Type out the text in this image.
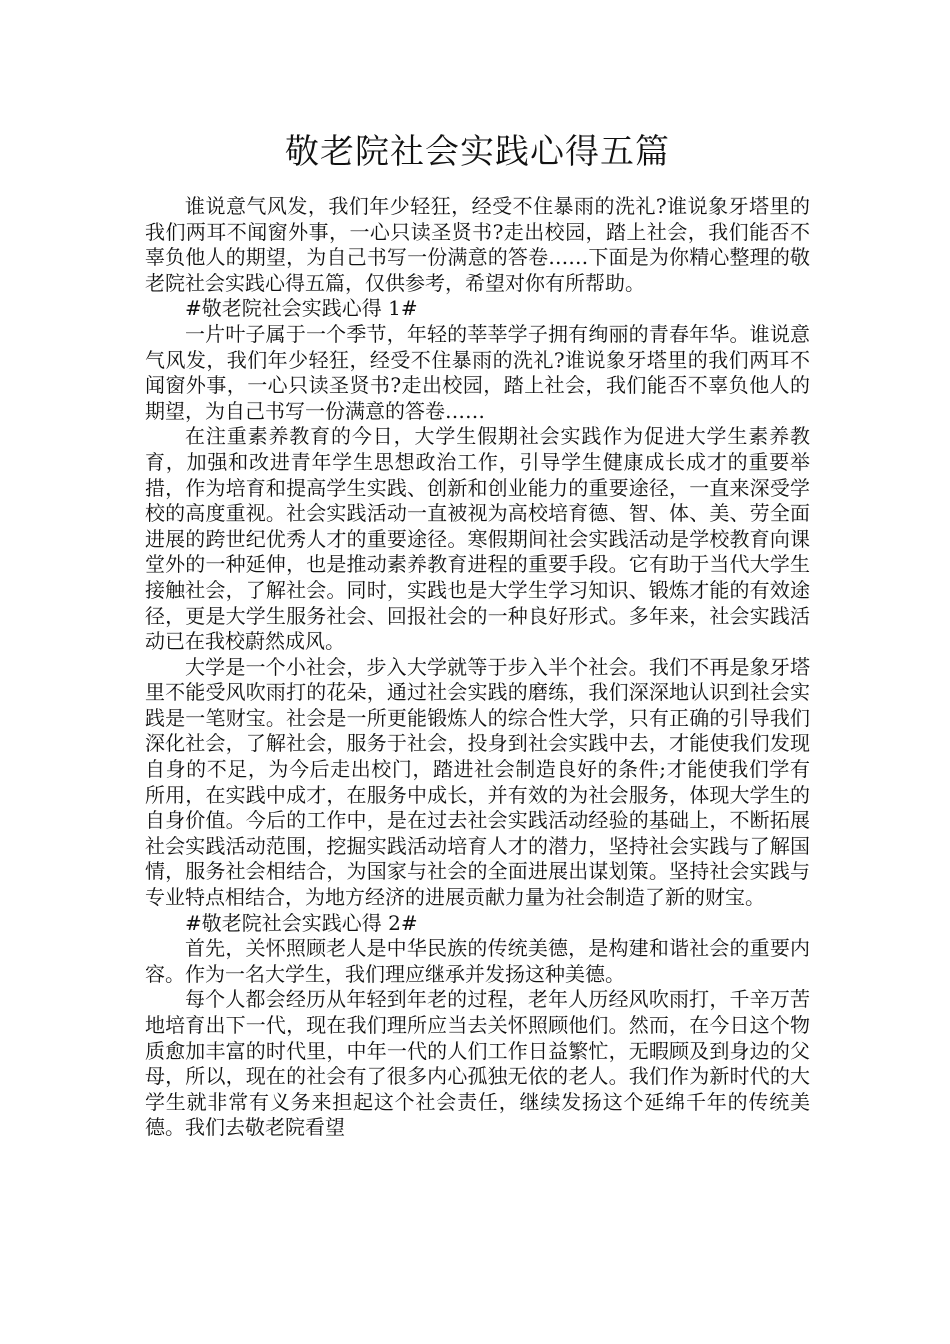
敬老院社会实践心得五篇

谁说意气风发，我们年少轻狂，经受不住暴雨的洗礼?谁说象牙塔里的我们两耳不闻窗外事，一心只读圣贤书?走出校园，踏上社会，我们能否不辜负他人的期望，为自己书写一份满意的答卷……下面是为你精心整理的敬老院社会实践心得五篇，仅供参考，希望对你有所帮助。

#敬老院社会实践心得 1#

一片叶子属于一个季节，年轻的莘莘学子拥有绚丽的青春年华。谁说意气风发，我们年少轻狂，经受不住暴雨的洗礼?谁说象牙塔里的我们两耳不闻窗外事，一心只读圣贤书?走出校园，踏上社会，我们能否不辜负他人的期望，为自己书写一份满意的答卷……

在注重素养教育的今日，大学生假期社会实践作为促进大学生素养教育，加强和改进青年学生思想政治工作，引导学生健康成长成才的重要举措，作为培育和提高学生实践、创新和创业能力的重要途径，一直来深受学校的高度重视。社会实践活动一直被视为高校培育德、智、体、美、劳全面进展的跨世纪优秀人才的重要途径。寒假期间社会实践活动是学校教育向课堂外的一种延伸，也是推动素养教育进程的重要手段。它有助于当代大学生接触社会，了解社会。同时，实践也是大学生学习知识、锻炼才能的有效途径，更是大学生服务社会、回报社会的一种良好形式。多年来，社会实践活动已在我校蔚然成风。

大学是一个小社会，步入大学就等于步入半个社会。我们不再是象牙塔里不能受风吹雨打的花朵，通过社会实践的磨练，我们深深地认识到社会实践是一笔财宝。社会是一所更能锻炼人的综合性大学，只有正确的引导我们深化社会，了解社会，服务于社会，投身到社会实践中去，才能使我们发现自身的不足，为今后走出校门，踏进社会制造良好的条件;才能使我们学有所用，在实践中成才，在服务中成长，并有效的为社会服务，体现大学生的自身价值。今后的工作中，是在过去社会实践活动经验的基础上，不断拓展社会实践活动范围，挖掘实践活动培育人才的潜力，坚持社会实践与了解国情，服务社会相结合，为国家与社会的全面进展出谋划策。坚持社会实践与专业特点相结合，为地方经济的进展贡献力量为社会制造了新的财宝。

#敬老院社会实践心得 2#

首先，关怀照顾老人是中华民族的传统美德，是构建和谐社会的重要内容。作为一名大学生，我们理应继承并发扬这种美德。

每个人都会经历从年轻到年老的过程，老年人历经风吹雨打，千辛万苦地培育出下一代，现在我们理所应当去关怀照顾他们。然而，在今日这个物质愈加丰富的时代里，中年一代的人们工作日益繁忙，无暇顾及到身边的父母，所以，现在的社会有了很多内心孤独无依的老人。我们作为新时代的大学生就非常有义务来担起这个社会责任，继续发扬这个延绵千年的传统美德。我们去敬老院看望
